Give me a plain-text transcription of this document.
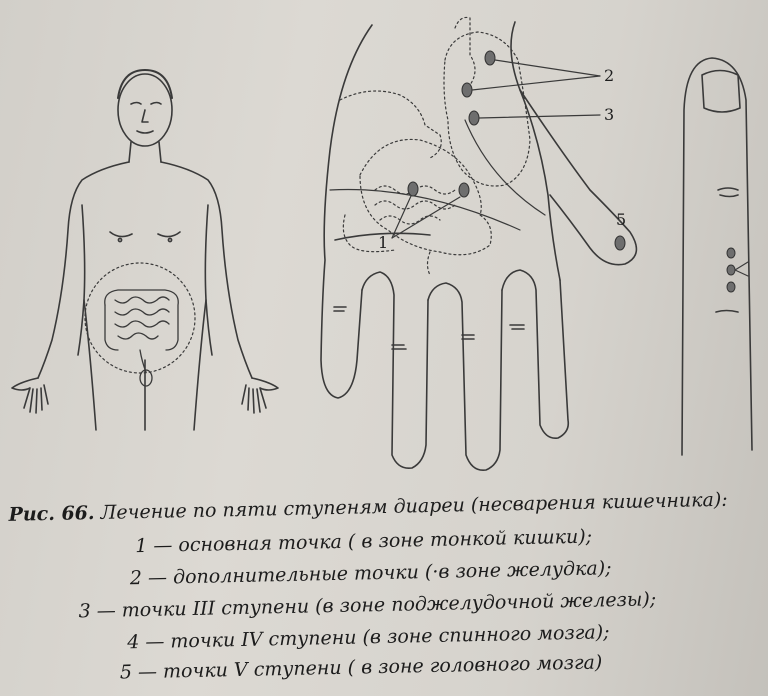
2
3
1
5
Рис. 66. Лечение по пяти ступеням диареи (несварения кишечника):
1 — основная точка ( в зоне тонкой кишки);
2 — дополнительные точки (·в зоне желудка);
3 — точки III ступени (в зоне поджелудочной железы);
4 — точки IV ступени (в зоне спинного мозга);
5 — точки V ступени ( в зоне головного мозга)
